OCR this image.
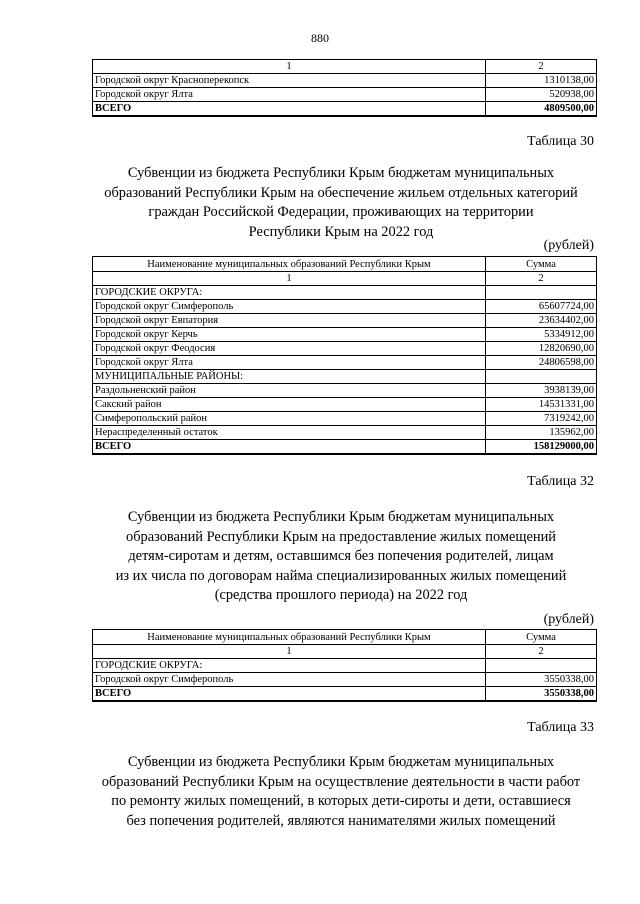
880
1	2
Городской округ Красноперекопск	1310138,00
Городской округ Ялта	520938,00
ВСЕГО	4809500,00
Таблица 30
Субвенции из бюджета Республики Крым бюджетам муниципальных
образований Республики Крым на обеспечение жильем отдельных категорий
граждан Российской Федерации, проживающих на территории
Республики Крым на 2022 год
(рублей)
Наименование муниципальных образований Республики Крым	Сумма
1	2
ГОРОДСКИЕ ОКРУГА:	
Городской округ Симферополь	65607724,00
Городской округ Евпатория	23634402,00
Городской округ Керчь	5334912,00
Городской округ Феодосия	12820690,00
Городской округ Ялта	24806598,00
МУНИЦИПАЛЬНЫЕ РАЙОНЫ:	
Раздольненский район	3938139,00
Сакский район	14531331,00
Симферопольский район	7319242,00
Нераспределенный остаток	135962,00
ВСЕГО	158129000,00
Таблица 32
Субвенции из бюджета Республики Крым бюджетам муниципальных
образований Республики Крым на предоставление жилых помещений
детям-сиротам и детям, оставшимся без попечения родителей, лицам
из их числа по договорам найма специализированных жилых помещений
(средства прошлого периода) на 2022 год
(рублей)
Наименование муниципальных образований Республики Крым	Сумма
1	2
ГОРОДСКИЕ ОКРУГА:	
Городской округ Симферополь	3550338,00
ВСЕГО	3550338,00
Таблица 33
Субвенции из бюджета Республики Крым бюджетам муниципальных
образований Республики Крым на осуществление деятельности в части работ
по ремонту жилых помещений, в которых дети-сироты и дети, оставшиеся
без попечения родителей, являются нанимателями жилых помещений
